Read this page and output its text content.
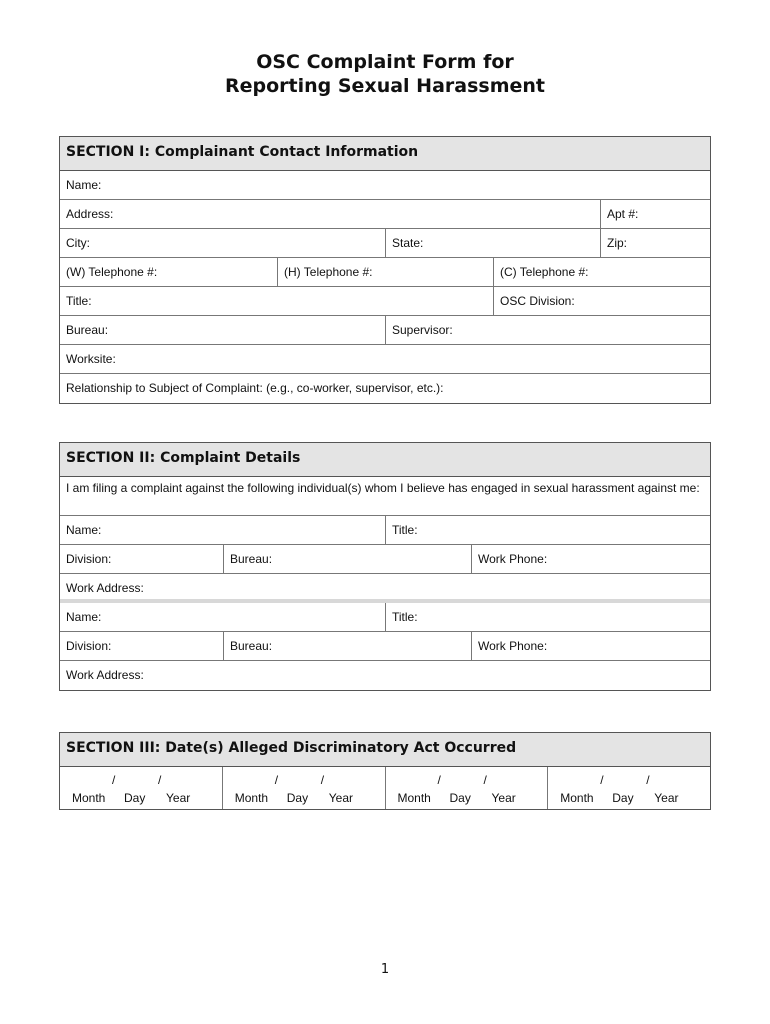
OSC Complaint Form for
Reporting Sexual Harassment
SECTION I: Complainant Contact Information
Name:
Address:	Apt #:
City:	State:	Zip:
(W) Telephone #:	(H) Telephone #:	(C) Telephone #:
Title:	OSC Division:
Bureau:	Supervisor:
Worksite:
Relationship to Subject of Complaint: (e.g., co-worker, supervisor, etc.):
SECTION II: Complaint Details
I am filing a complaint against the following individual(s) whom I believe has engaged in sexual harassment against me:
Name:	Title:
Division:	Bureau:	Work Phone:
Work Address:
Name:	Title:
Division:	Bureau:	Work Phone:
Work Address:
SECTION III: Date(s) Alleged Discriminatory Act Occurred
/	/
Month Day Year
/	/
Month Day Year
/	/
Month Day Year
/	/
Month Day Year
1
